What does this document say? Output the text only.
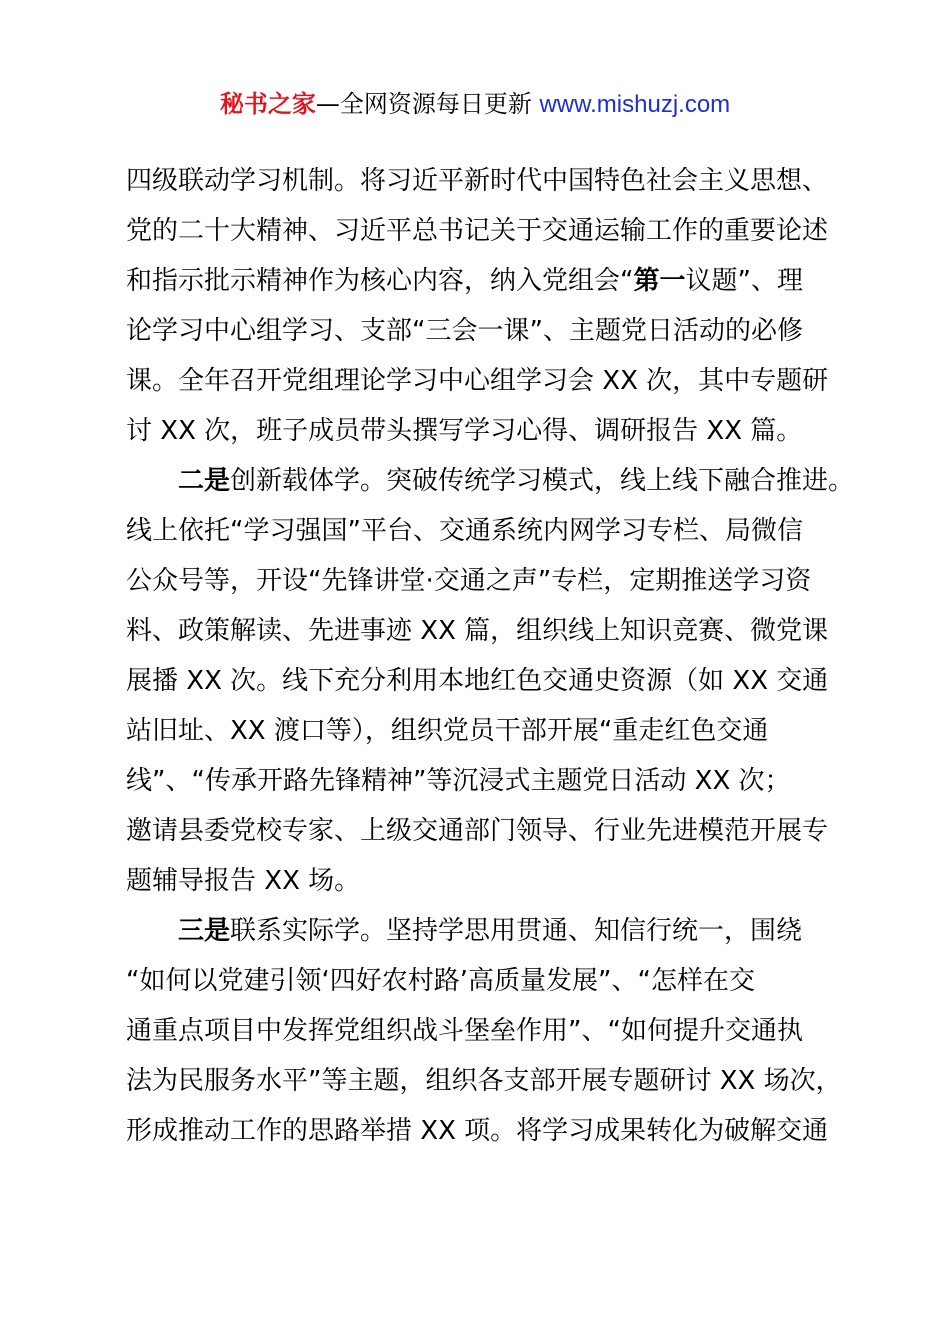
秘书之家—全网资源每日更新 www.mishuzj.com
四级联动学习机制。将习近平新时代中国特色社会主义思想、
党的二十大精神、习近平总书记关于交通运输工作的重要论述
和指示批示精神作为核心内容，纳入党组会“第一议题”、理
论学习中心组学习、支部“三会一课”、主题党日活动的必修
课。全年召开党组理论学习中心组学习会 XX 次，其中专题研
讨 XX 次，班子成员带头撰写学习心得、调研报告 XX 篇。
二是创新载体学。突破传统学习模式，线上线下融合推进。
线上依托“学习强国”平台、交通系统内网学习专栏、局微信
公众号等，开设“先锋讲堂·交通之声”专栏，定期推送学习资
料、政策解读、先进事迹 XX 篇，组织线上知识竞赛、微党课
展播 XX 次。线下充分利用本地红色交通史资源（如 XX 交通
站旧址、XX 渡口等），组织党员干部开展“重走红色交通
线”、“传承开路先锋精神”等沉浸式主题党日活动 XX 次；
邀请县委党校专家、上级交通部门领导、行业先进模范开展专
题辅导报告 XX 场。
三是联系实际学。坚持学思用贯通、知信行统一，围绕
“如何以党建引领‘四好农村路’高质量发展”、“怎样在交
通重点项目中发挥党组织战斗堡垒作用”、“如何提升交通执
法为民服务水平”等主题，组织各支部开展专题研讨 XX 场次，
形成推动工作的思路举措 XX 项。将学习成果转化为破解交通
